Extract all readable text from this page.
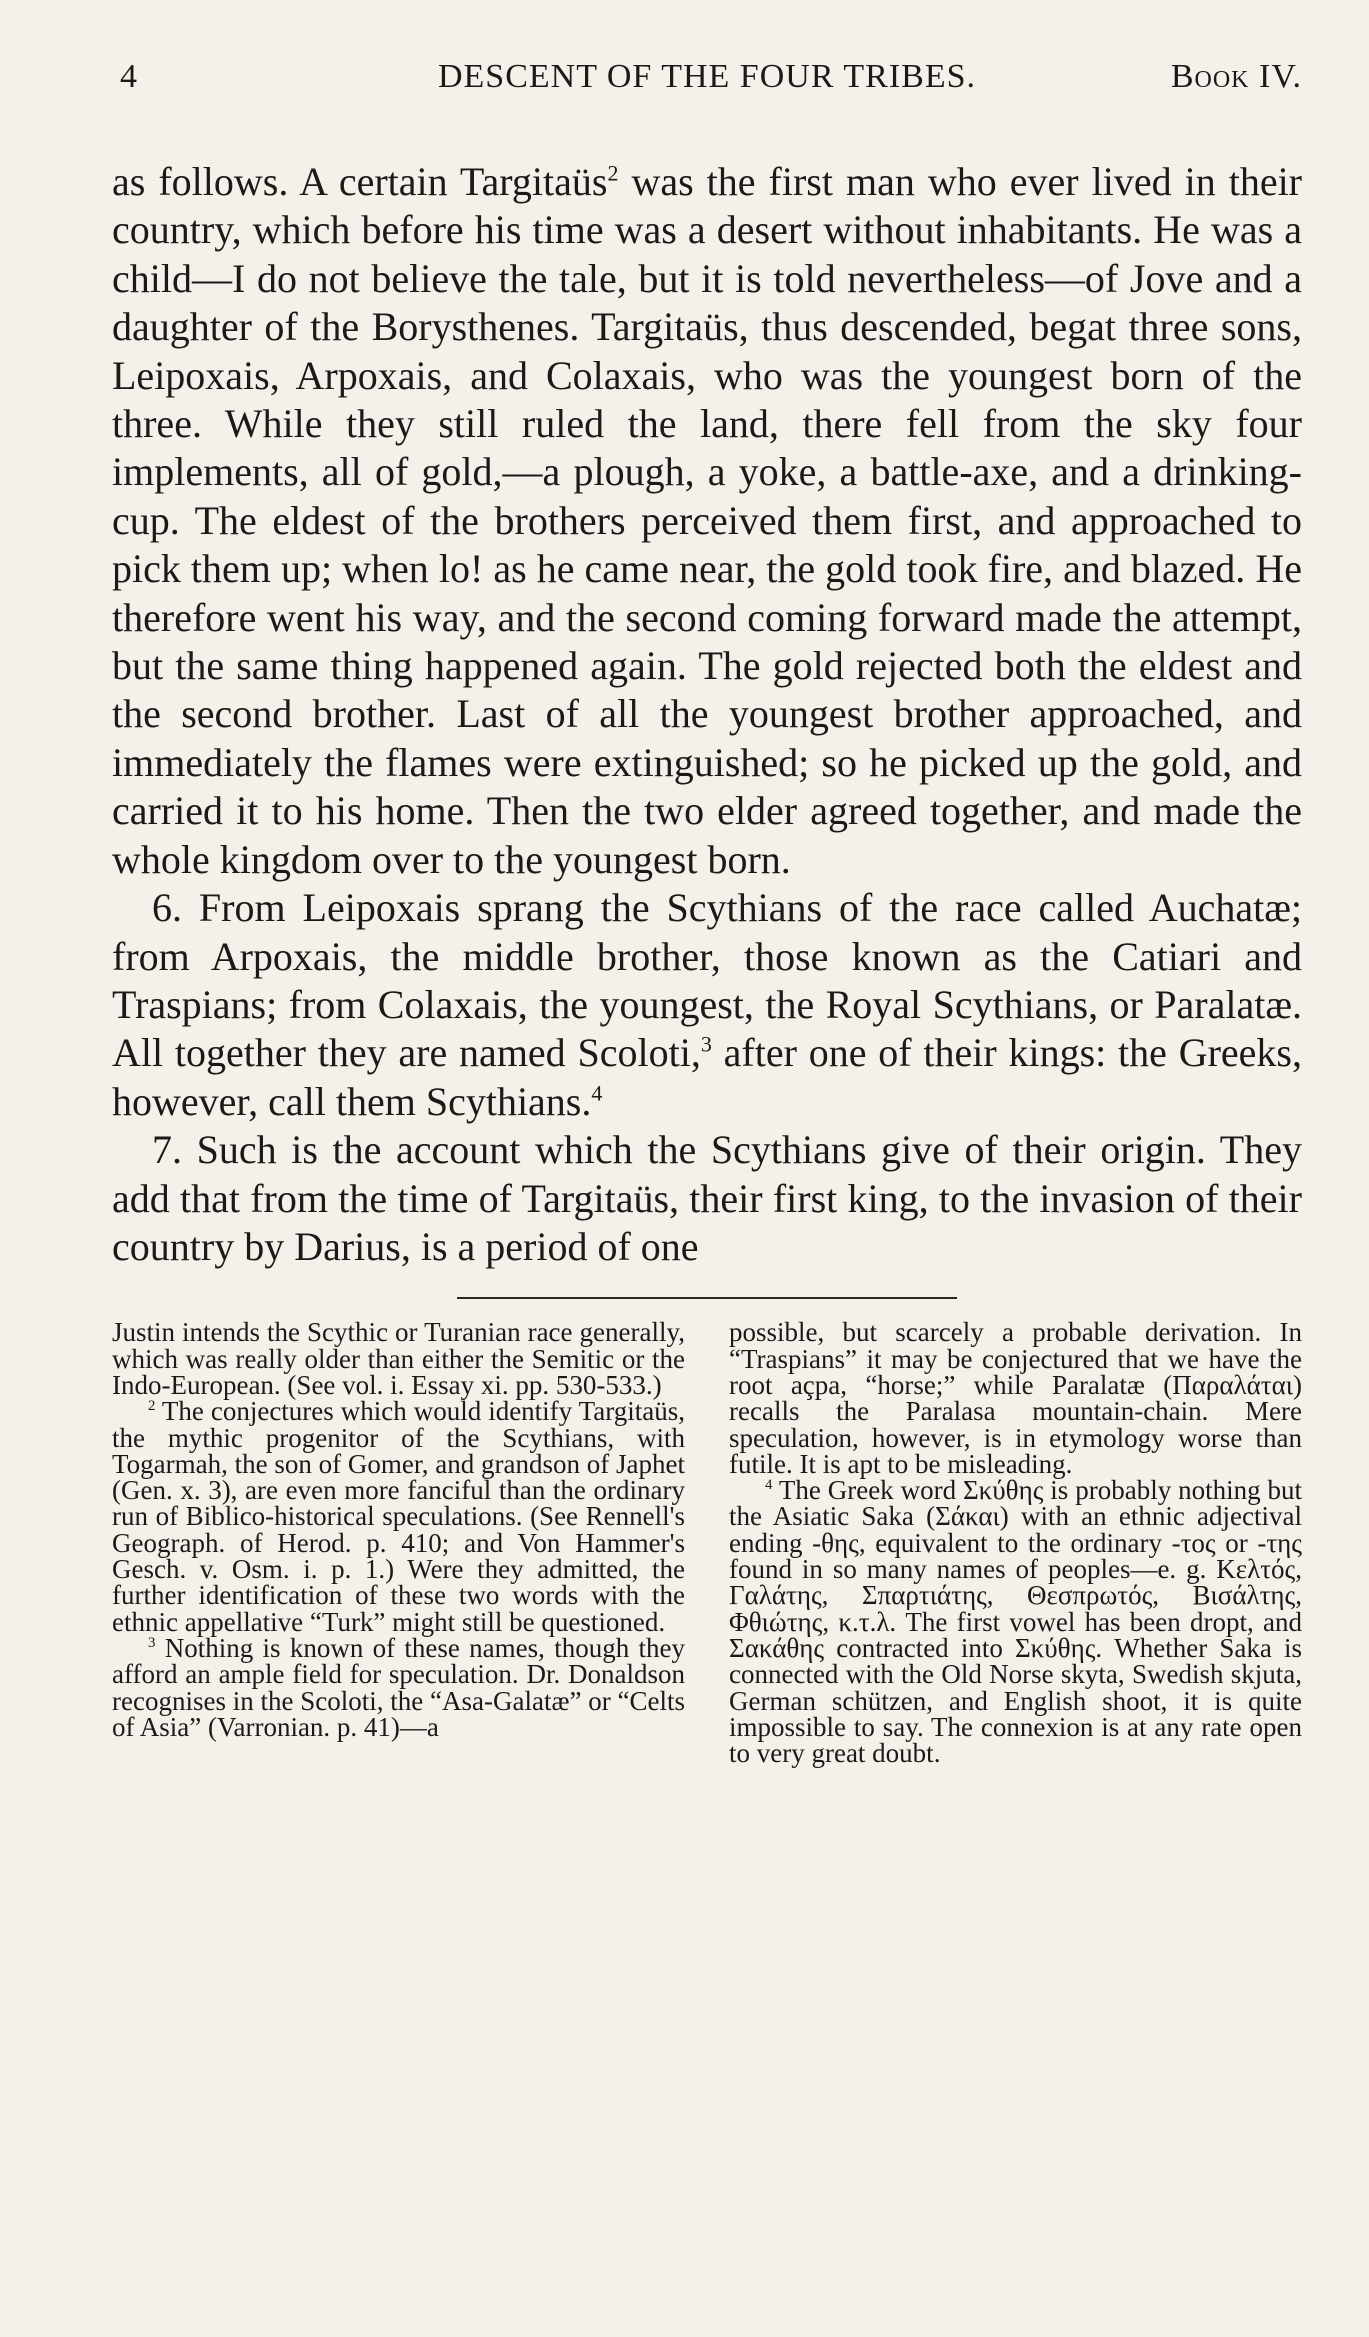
4	DESCENT OF THE FOUR TRIBES.	Book IV.

as follows. A certain Targitaüs$^2$ was the first man who ever lived in their country, which before his time was a desert without inhabitants. He was a child—I do not believe the tale, but it is told nevertheless—of Jove and a daughter of the Borysthenes. Targitaüs, thus descended, begat three sons, Leipoxais, Arpoxais, and Colaxais, who was the youngest born of the three. While they still ruled the land, there fell from the sky four implements, all of gold,—a plough, a yoke, a battle-axe, and a drinking-cup. The eldest of the brothers perceived them first, and approached to pick them up; when lo! as he came near, the gold took fire, and blazed. He therefore went his way, and the second coming forward made the attempt, but the same thing happened again. The gold rejected both the eldest and the second brother. Last of all the youngest brother approached, and immediately the flames were extinguished; so he picked up the gold, and carried it to his home. Then the two elder agreed together, and made the whole kingdom over to the youngest born.

6. From Leipoxais sprang the Scythians of the race called Auchatæ; from Arpoxais, the middle brother, those known as the Catiari and Traspians; from Colaxais, the youngest, the Royal Scythians, or Paralatæ. All together they are named Scoloti,$^3$ after one of their kings: the Greeks, however, call them Scythians.$^4$

7. Such is the account which the Scythians give of their origin. They add that from the time of Targitaüs, their first king, to the invasion of their country by Darius, is a period of one

Justin intends the Scythic or Turanian race generally, which was really older than either the Semitic or the Indo-European. (See vol. i. Essay xi. pp. 530-533.)

$^2$ The conjectures which would identify Targitaüs, the mythic progenitor of the Scythians, with Togarmah, the son of Gomer, and grandson of Japhet (Gen. x. 3), are even more fanciful than the ordinary run of Biblico-historical speculations. (See Rennell's Geograph. of Herod. p. 410; and Von Hammer's Gesch. v. Osm. i. p. 1.) Were they admitted, the further identification of these two words with the ethnic appellative “Turk” might still be questioned.

$^3$ Nothing is known of these names, though they afford an ample field for speculation. Dr. Donaldson recognises in the Scoloti, the “Asa-Galatæ” or “Celts of Asia” (Varronian. p. 41)—a

possible, but scarcely a probable derivation. In “Traspians” it may be conjectured that we have the root açpa, “horse;” while Paralatæ (Παραλάται) recalls the Paralasa mountain-chain. Mere speculation, however, is in etymology worse than futile. It is apt to be misleading.

$^4$ The Greek word Σκύθης is probably nothing but the Asiatic Saka (Σάκαι) with an ethnic adjectival ending -θης, equivalent to the ordinary -τος or -της found in so many names of peoples—e. g. Κελτός, Γαλάτης, Σπαρτιάτης, Θεσπρωτός, Βισάλτης, Φθιώτης, κ.τ.λ. The first vowel has been dropt, and Σακάθης contracted into Σκύθης. Whether Saka is connected with the Old Norse skyta, Swedish skjuta, German schützen, and English shoot, it is quite impossible to say. The connexion is at any rate open to very great doubt.
